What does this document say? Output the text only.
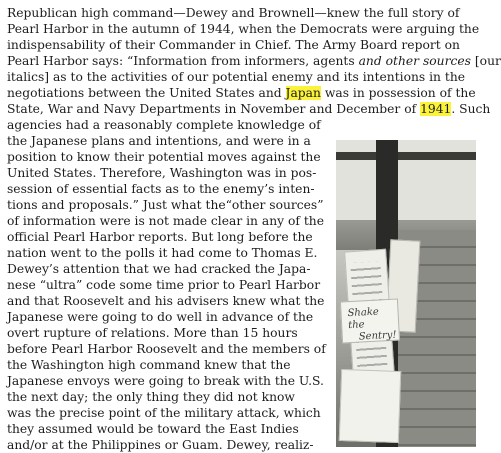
Republican high command—Dewey and Brownell—knew the full story of
Pearl Harbor in the autumn of 1944, when the Democrats were arguing the
indispensability of their Commander in Chief. The Army Board report on
Pearl Harbor says: “Information from informers, agents and other sources [our
italics] as to the activities of our potential enemy and its intentions in the
negotiations between the United States and Japan was in possession of the
State, War and Navy Departments in November and December of 1941. Such
agencies had a reasonably complete knowledge of
the Japanese plans and intentions, and were in a
position to know their potential moves against the
United States. Therefore, Washington was in pos-
session of essential facts as to the enemy’s inten-
tions and proposals.” Just what the“other sources”
of information were is not made clear in any of the
official Pearl Harbor reports. But long before the
nation went to the polls it had come to Thomas E.
Dewey’s attention that we had cracked the Japa-
nese “ultra” code some time prior to Pearl Harbor
and that Roosevelt and his advisers knew what the
Japanese were going to do well in advance of the
overt rupture of relations. More than 15 hours
before Pearl Harbor Roosevelt and the members of
the Washington high command knew that the
Japanese envoys were going to break with the U.S.
the next day; the only thing they did not know
was the precise point of the military attack, which
they assumed would be toward the East Indies
and/or at the Philippines or Guam. Dewey, realiz-
Shake the
Sentry!
